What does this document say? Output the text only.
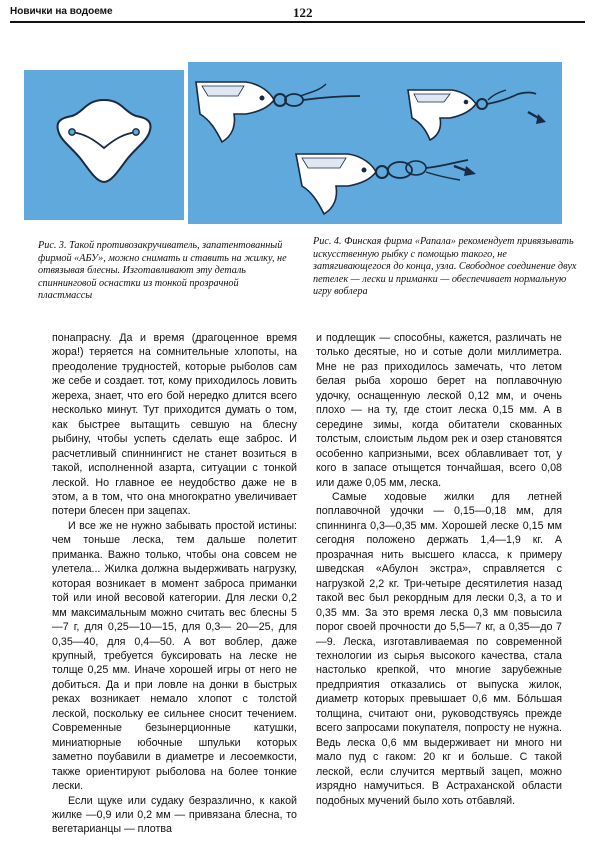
Новички на водоеме	122
Рис. 3. Такой противозакручиватель, запатентованный фирмой «АБУ», можно снимать и ставить на жилку, не отвязывая блесны. Изготавливают эту деталь спиннинговой оснастки из тонкой прозрачной пластмассы
Рис. 4. Финская фирма «Рапала» рекомендует привязывать искусственную рыбку с помощью такого, не затягивающегося до конца, узла. Свободное соединение двух петелек — лески и приманки — обеспечивает нормальную игру воблера

понапрасну. Да и время (драгоценное время жора!) теряется на сомнительные хлопоты, на преодоление трудностей, которые рыболов сам же себе и создает. тот, кому приходилось ловить жереха, знает, что его бой нередко длится всего несколько минут. Тут приходится думать о том, как быстрее вытащить севшую на блесну рыбину, чтобы успеть сделать еще заброс. И расчетливый спиннингист не станет возиться в такой, исполненной азарта, ситуации с тонкой леской. Но главное ее неудобство даже не в этом, а в том, что она многократно увеличивает потери блесен при зацепах.

И все же не нужно забывать простой истины: чем тоньше леска, тем дальше полетит приманка. Важно только, чтобы она совсем не улетела... Жилка должна выдерживать нагрузку, которая возникает в момент заброса приманки той или иной весовой категории. Для лески 0,2 мм максимальным можно считать вес блесны 5—7 г, для 0,25—10—15, для 0,3— 20—25, для 0,35—40, для 0,4—50. А вот воблер, даже крупный, требуется буксировать на леске не толще 0,25 мм. Иначе хорошей игры от него не добиться. Да и при ловле на донки в быстрых реках возникает немало хлопот с толстой леской, поскольку ее сильнее сносит течением. Современные безынерционные катушки, миниатюрные юбочные шпульки которых заметно поубавили в диаметре и лесоемкости, также ориентируют рыболова на более тонкие лески.

Если щуке или судаку безразлично, к какой жилке —0,9 или 0,2 мм — привязана блесна, то вегетарианцы — плотва

и подлещик — способны, кажется, различать не только десятые, но и сотые доли миллиметра. Мне не раз приходилось замечать, что летом белая рыба хорошо берет на поплавочную удочку, оснащенную леской 0,12 мм, и очень плохо — на ту, где стоит леска 0,15 мм. А в середине зимы, когда обитатели скованных толстым, слоистым льдом рек и озер становятся особенно капризными, всех облавливает тот, у кого в запасе отыщется тончайшая, всего 0,08 или даже 0,05 мм, леска.

Самые ходовые жилки для летней поплавочной удочки — 0,15—0,18 мм, для спиннинга 0,3—0,35 мм. Хорошей леске 0,15 мм сегодня положено держать 1,4—1,9 кг. А прозрачная нить высшего класса, к примеру шведская «Абулон экстра», справляется с нагрузкой 2,2 кг. Три-четыре десятилетия назад такой вес был рекордным для лески 0,3, а то и 0,35 мм. За это время леска 0,3 мм повысила порог своей прочности до 5,5—7 кг, а 0,35—до 7—9. Леска, изготавливаемая по современной технологии из сырья высокого качества, стала настолько крепкой, что многие зарубежные предприятия отказались от выпуска жилок, диаметр которых превышает 0,6 мм. Бóльшая толщина, считают они, руководствуясь прежде всего запросами покупателя, попросту не нужна. Ведь леска 0,6 мм выдерживает ни много ни мало пуд с гаком: 20 кг и больше. С такой леской, если случится мертвый зацеп, можно изрядно намучиться. В Астраханской области подобных мучений было хоть отбавляй.
